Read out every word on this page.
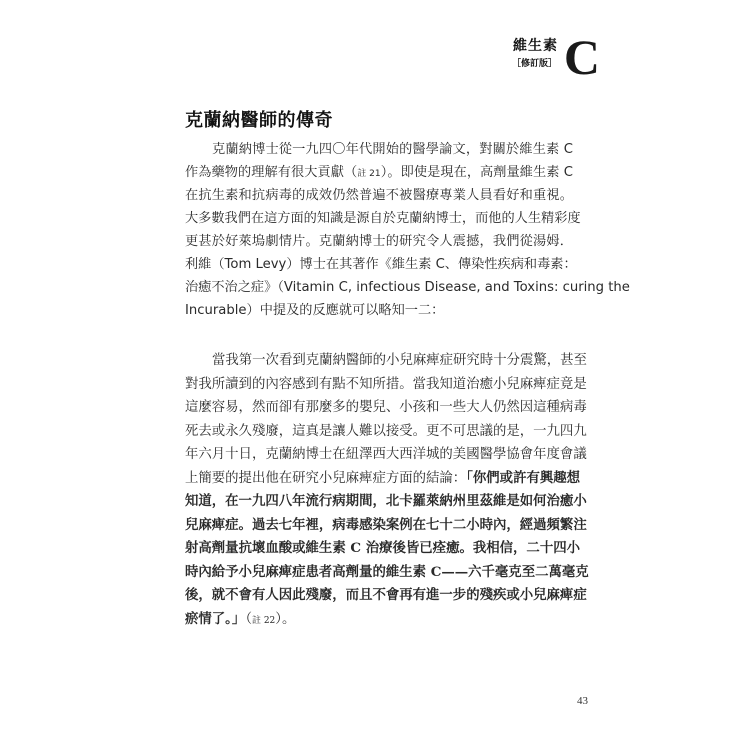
維生素
［修訂版］ C
克蘭納醫師的傳奇
克蘭納博士從一九四〇年代開始的醫學論文，對關於維生素 C
作為藥物的理解有很大貢獻（註 21）。即使是現在，高劑量維生素 C
在抗生素和抗病毒的成效仍然普遍不被醫療專業人員看好和重視。
大多數我們在這方面的知識是源自於克蘭納博士，而他的人生精彩度
更甚於好萊塢劇情片。克蘭納博士的研究令人震撼，我們從湯姆．
利維（Tom Levy）博士在其著作《維生素 C、傳染性疾病和毒素：
治癒不治之症》（Vitamin C, infectious Disease, and Toxins: curing the
Incurable）中提及的反應就可以略知一二：
當我第一次看到克蘭納醫師的小兒麻痺症研究時十分震驚，甚至
對我所讀到的內容感到有點不知所措。當我知道治癒小兒麻痺症竟是
這麼容易，然而卻有那麼多的嬰兒、小孩和一些大人仍然因這種病毒
死去或永久殘廢，這真是讓人難以接受。更不可思議的是，一九四九
年六月十日，克蘭納博士在紐澤西大西洋城的美國醫學協會年度會議
上簡要的提出他在研究小兒麻痺症方面的結論：「你們或許有興趣想
知道，在一九四八年流行病期間，北卡羅萊納州里茲維是如何治癒小
兒麻痺症。過去七年裡，病毒感染案例在七十二小時內，經過頻繁注
射高劑量抗壞血酸或維生素 C 治療後皆已痊癒。我相信，二十四小
時內給予小兒麻痺症患者高劑量的維生素 C——六千毫克至二萬毫克
後，就不會有人因此殘廢，而且不會再有進一步的殘疾或小兒麻痺症
瘀情了。」（註 22）。
43
